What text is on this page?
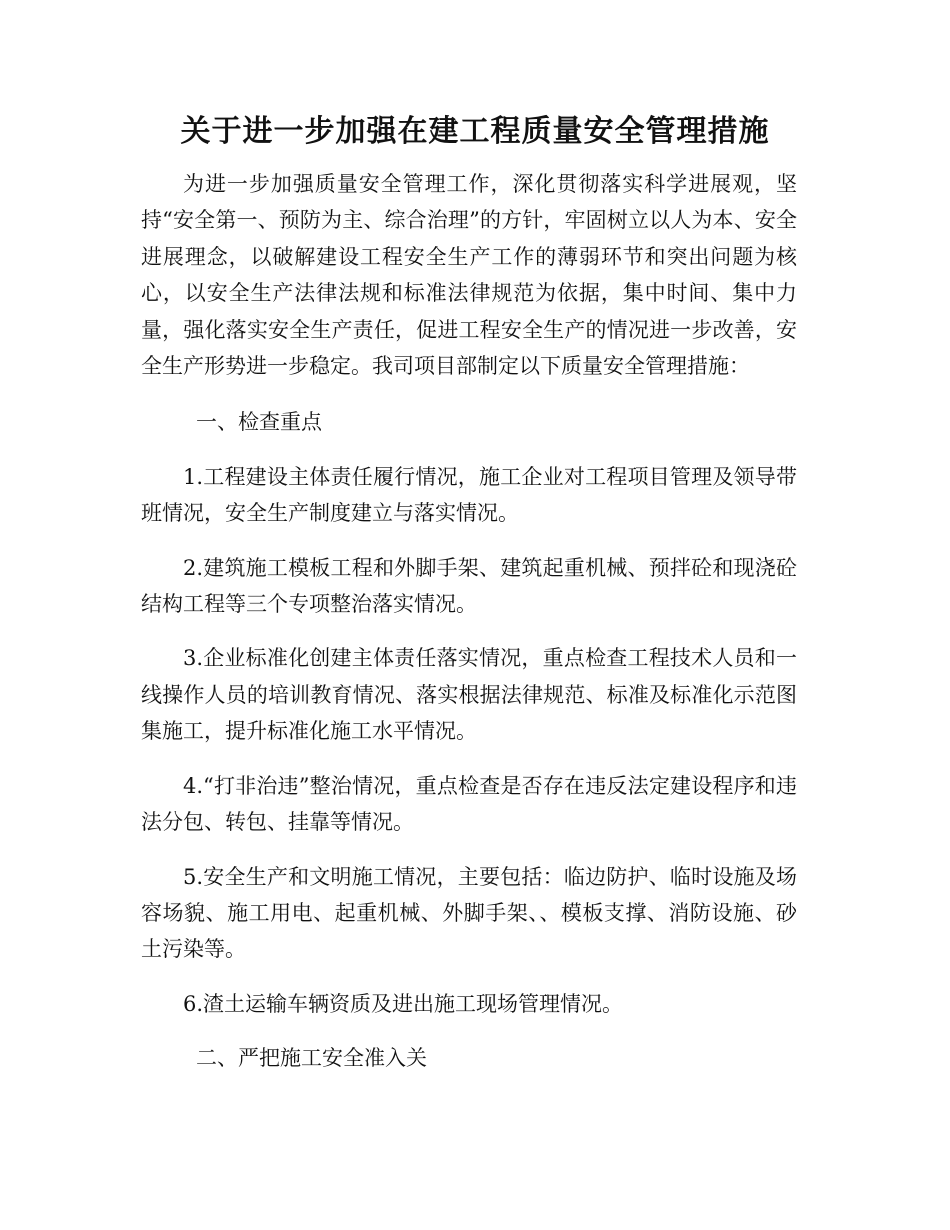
关于进一步加强在建工程质量安全管理措施

为进一步加强质量安全管理工作，深化贯彻落实科学进展观，坚持“安全第一、预防为主、综合治理”的方针，牢固树立以人为本、安全进展理念，以破解建设工程安全生产工作的薄弱环节和突出问题为核心，以安全生产法律法规和标准法律规范为依据，集中时间、集中力量，强化落实安全生产责任，促进工程安全生产的情况进一步改善，安全生产形势进一步稳定。我司项目部制定以下质量安全管理措施：

一、检查重点

1.工程建设主体责任履行情况，施工企业对工程项目管理及领导带班情况，安全生产制度建立与落实情况。

2.建筑施工模板工程和外脚手架、建筑起重机械、预拌砼和现浇砼结构工程等三个专项整治落实情况。

3.企业标准化创建主体责任落实情况，重点检查工程技术人员和一线操作人员的培训教育情况、落实根据法律规范、标准及标准化示范图集施工，提升标准化施工水平情况。

4.“打非治违”整治情况，重点检查是否存在违反法定建设程序和违法分包、转包、挂靠等情况。

5.安全生产和文明施工情况，主要包括：临边防护、临时设施及场容场貌、施工用电、起重机械、外脚手架、、模板支撑、消防设施、砂土污染等。

6.渣土运输车辆资质及进出施工现场管理情况。

二、严把施工安全准入关
